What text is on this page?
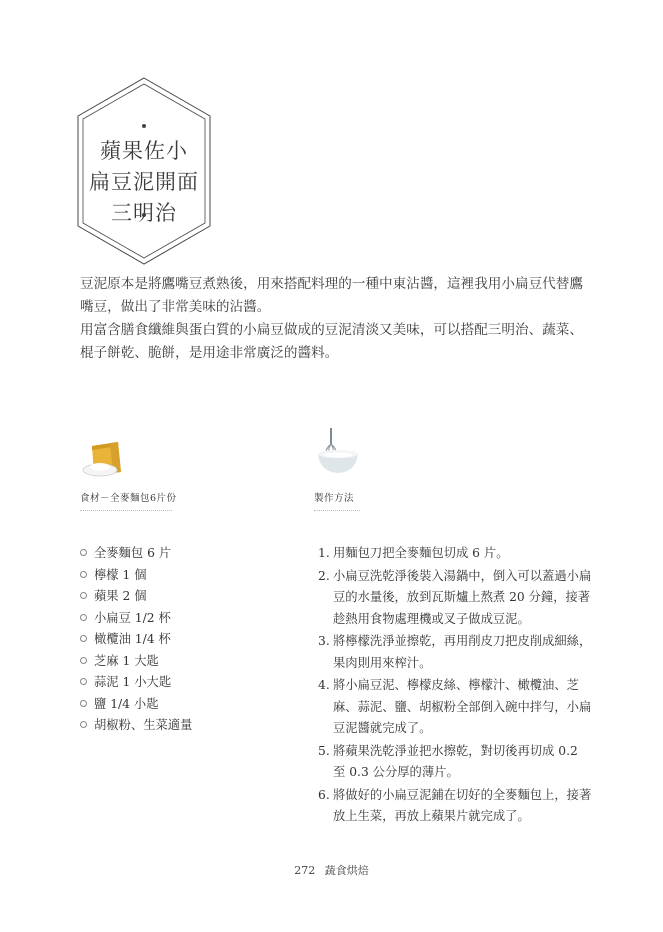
蘋果佐小
扁豆泥開面
三明治

豆泥原本是將鷹嘴豆煮熟後，用來搭配料理的一種中東沾醬，這裡我用小扁豆代替鷹嘴豆，做出了非常美味的沾醬。

用富含膳食纖維與蛋白質的小扁豆做成的豆泥清淡又美味，可以搭配三明治、蔬菜、棍子餅乾、脆餅，是用途非常廣泛的醬料。

食材－全麥麵包6片份	製作方法
全麥麵包 6 片
檸檬 1 個
蘋果 2 個
小扁豆 1/2 杯
橄欖油 1/4 杯
芝麻 1 大匙
蒜泥 1 小大匙
鹽 1/4 小匙
胡椒粉、生菜適量
1. 用麵包刀把全麥麵包切成 6 片。
2. 小扁豆洗乾淨後裝入湯鍋中，倒入可以蓋過小扁豆的水量後，放到瓦斯爐上熬煮 20 分鐘，接著趁熱用食物處理機或叉子做成豆泥。
3. 將檸檬洗淨並擦乾，再用削皮刀把皮削成細絲，果肉則用來榨汁。
4. 將小扁豆泥、檸檬皮絲、檸檬汁、橄欖油、芝麻、蒜泥、鹽、胡椒粉全部倒入碗中拌勻，小扁豆泥醬就完成了。
5. 將蘋果洗乾淨並把水擦乾，對切後再切成 0.2 至 0.3 公分厚的薄片。
6. 將做好的小扁豆泥鋪在切好的全麥麵包上，接著放上生菜，再放上蘋果片就完成了。
272 蔬食烘焙
